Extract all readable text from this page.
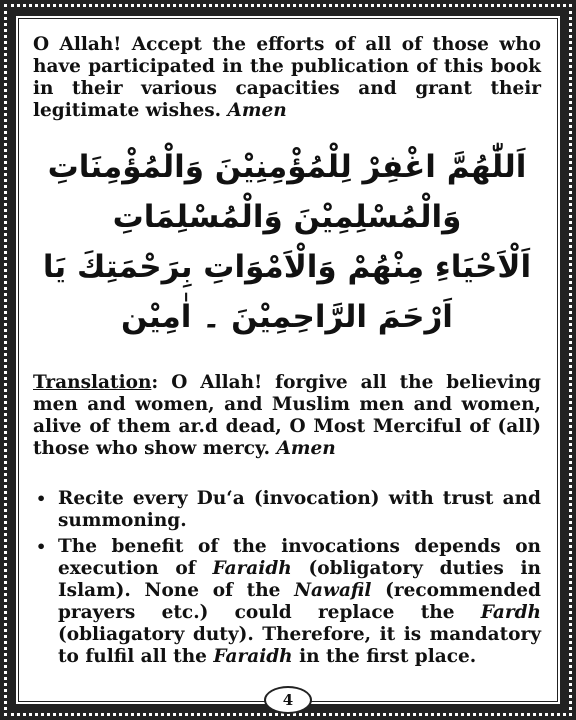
O Allah! Accept the efforts of all of those who have participated in the publication of this book in their various capacities and grant their legitimate wishes. Amen

اَللّٰهُمَّ اغْفِرْ لِلْمُؤْمِنِيْنَ وَالْمُؤْمِنَاتِ وَالْمُسْلِمِيْنَ وَالْمُسْلِمَاتِ
اَلْاَحْيَاءِ مِنْهُمْ وَالْاَمْوَاتِ بِرَحْمَتِكَ يَا اَرْحَمَ الرَّاحِمِيْنَ ۔ اٰمِيْن

Translation: O Allah! forgive all the believing men and women, and Muslim men and women, alive of them ar.d dead, O Most Merciful of (all) those who show mercy. Amen

• Recite every Du‘a (invocation) with trust and summoning.
• The benefit of the invocations depends on execution of Faraidh (obligatory duties in Islam). None of the Nawafil (recommended prayers etc.) could replace the Fardh (obliagatory duty). Therefore, it is mandatory to fulfil all the Faraidh in the first place.
4
